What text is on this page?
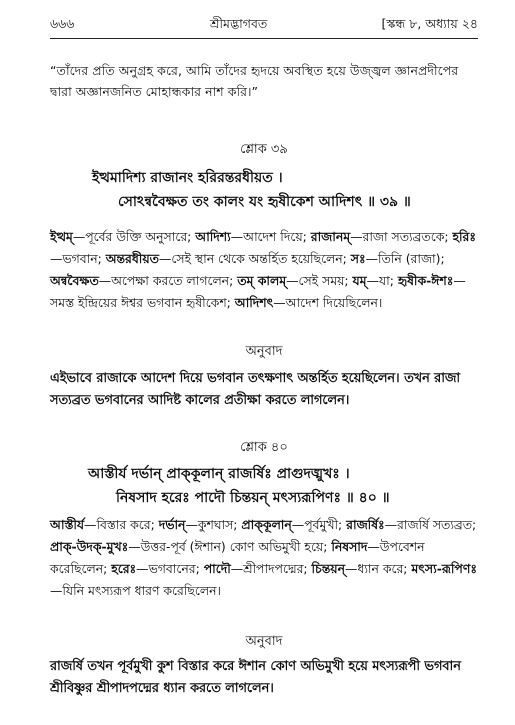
৬৬৬	শ্রীমদ্ভাগবত	[স্কন্ধ ৮, অধ্যায় ২৪
“তাঁদের প্রতি অনুগ্রহ করে, আমি তাঁদের হৃদয়ে অবস্থিত হয়ে উজ্জ্বল জ্ঞানপ্রদীপের দ্বারা অজ্ঞানজনিত মোহান্ধকার নাশ করি।”
শ্লোক ৩৯
ইত্থমাদিশ্য রাজানং হরিরন্তরধীয়ত ।
সোঽন্ববৈক্ষত তং কালং যং হৃষীকেশ আদিশৎ ॥ ৩৯ ॥
ইত্থম্—পূর্বের উক্তি অনুসারে; আদিশ্য—আদেশ দিয়ে; রাজানম্—রাজা সত্যব্রতকে; হরিঃ—ভগবান; অন্তরধীয়ত—সেই স্থান থেকে অন্তর্হিত হয়েছিলেন; সঃ—তিনি (রাজা); অন্ববৈক্ষত—অপেক্ষা করতে লাগলেন; তম্ কালম্—সেই সময়; যম্—যা; হৃষীক-ঈশঃ—সমস্ত ইন্দ্রিয়ের ঈশ্বর ভগবান হৃষীকেশ; আদিশৎ—আদেশ দিয়েছিলেন।
অনুবাদ
এইভাবে রাজাকে আদেশ দিয়ে ভগবান তৎক্ষণাৎ অন্তর্হিত হয়েছিলেন। তখন রাজা সত্যব্রত ভগবানের আদিষ্ট কালের প্রতীক্ষা করতে লাগলেন।
শ্লোক ৪০
আস্তীর্য দর্ভান্ প্রাক্‌কূলান্ রাজর্ষিঃ প্রাগুদঙ্মুখঃ ।
নিষসাদ হরেঃ পাদৌ চিন্তয়ন্ মৎস্যরূপিণঃ ॥ ৪০ ॥
আস্তীর্য—বিস্তার করে; দর্ভান্—কুশঘাস; প্রাক্‌কূলান্—পূর্বমুখী; রাজর্ষিঃ—রাজর্ষি সত্যব্রত; প্রাক্-উদক্-মুখঃ—উত্তর-পূর্ব (ঈশান) কোণ অভিমুখী হয়ে; নিষসাদ—উপবেশন করেছিলেন; হরেঃ—ভগবানের; পাদৌ—শ্রীপাদপদ্মের; চিন্তয়ন্—ধ্যান করে; মৎস্য-রূপিণঃ—যিনি মৎস্যরূপ ধারণ করেছিলেন।
অনুবাদ
রাজর্ষি তখন পূর্বমুখী কুশ বিস্তার করে ঈশান কোণ অভিমুখী হয়ে মৎস্যরূপী ভগবান শ্রীবিষ্ণুর শ্রীপাদপদ্মের ধ্যান করতে লাগলেন।
